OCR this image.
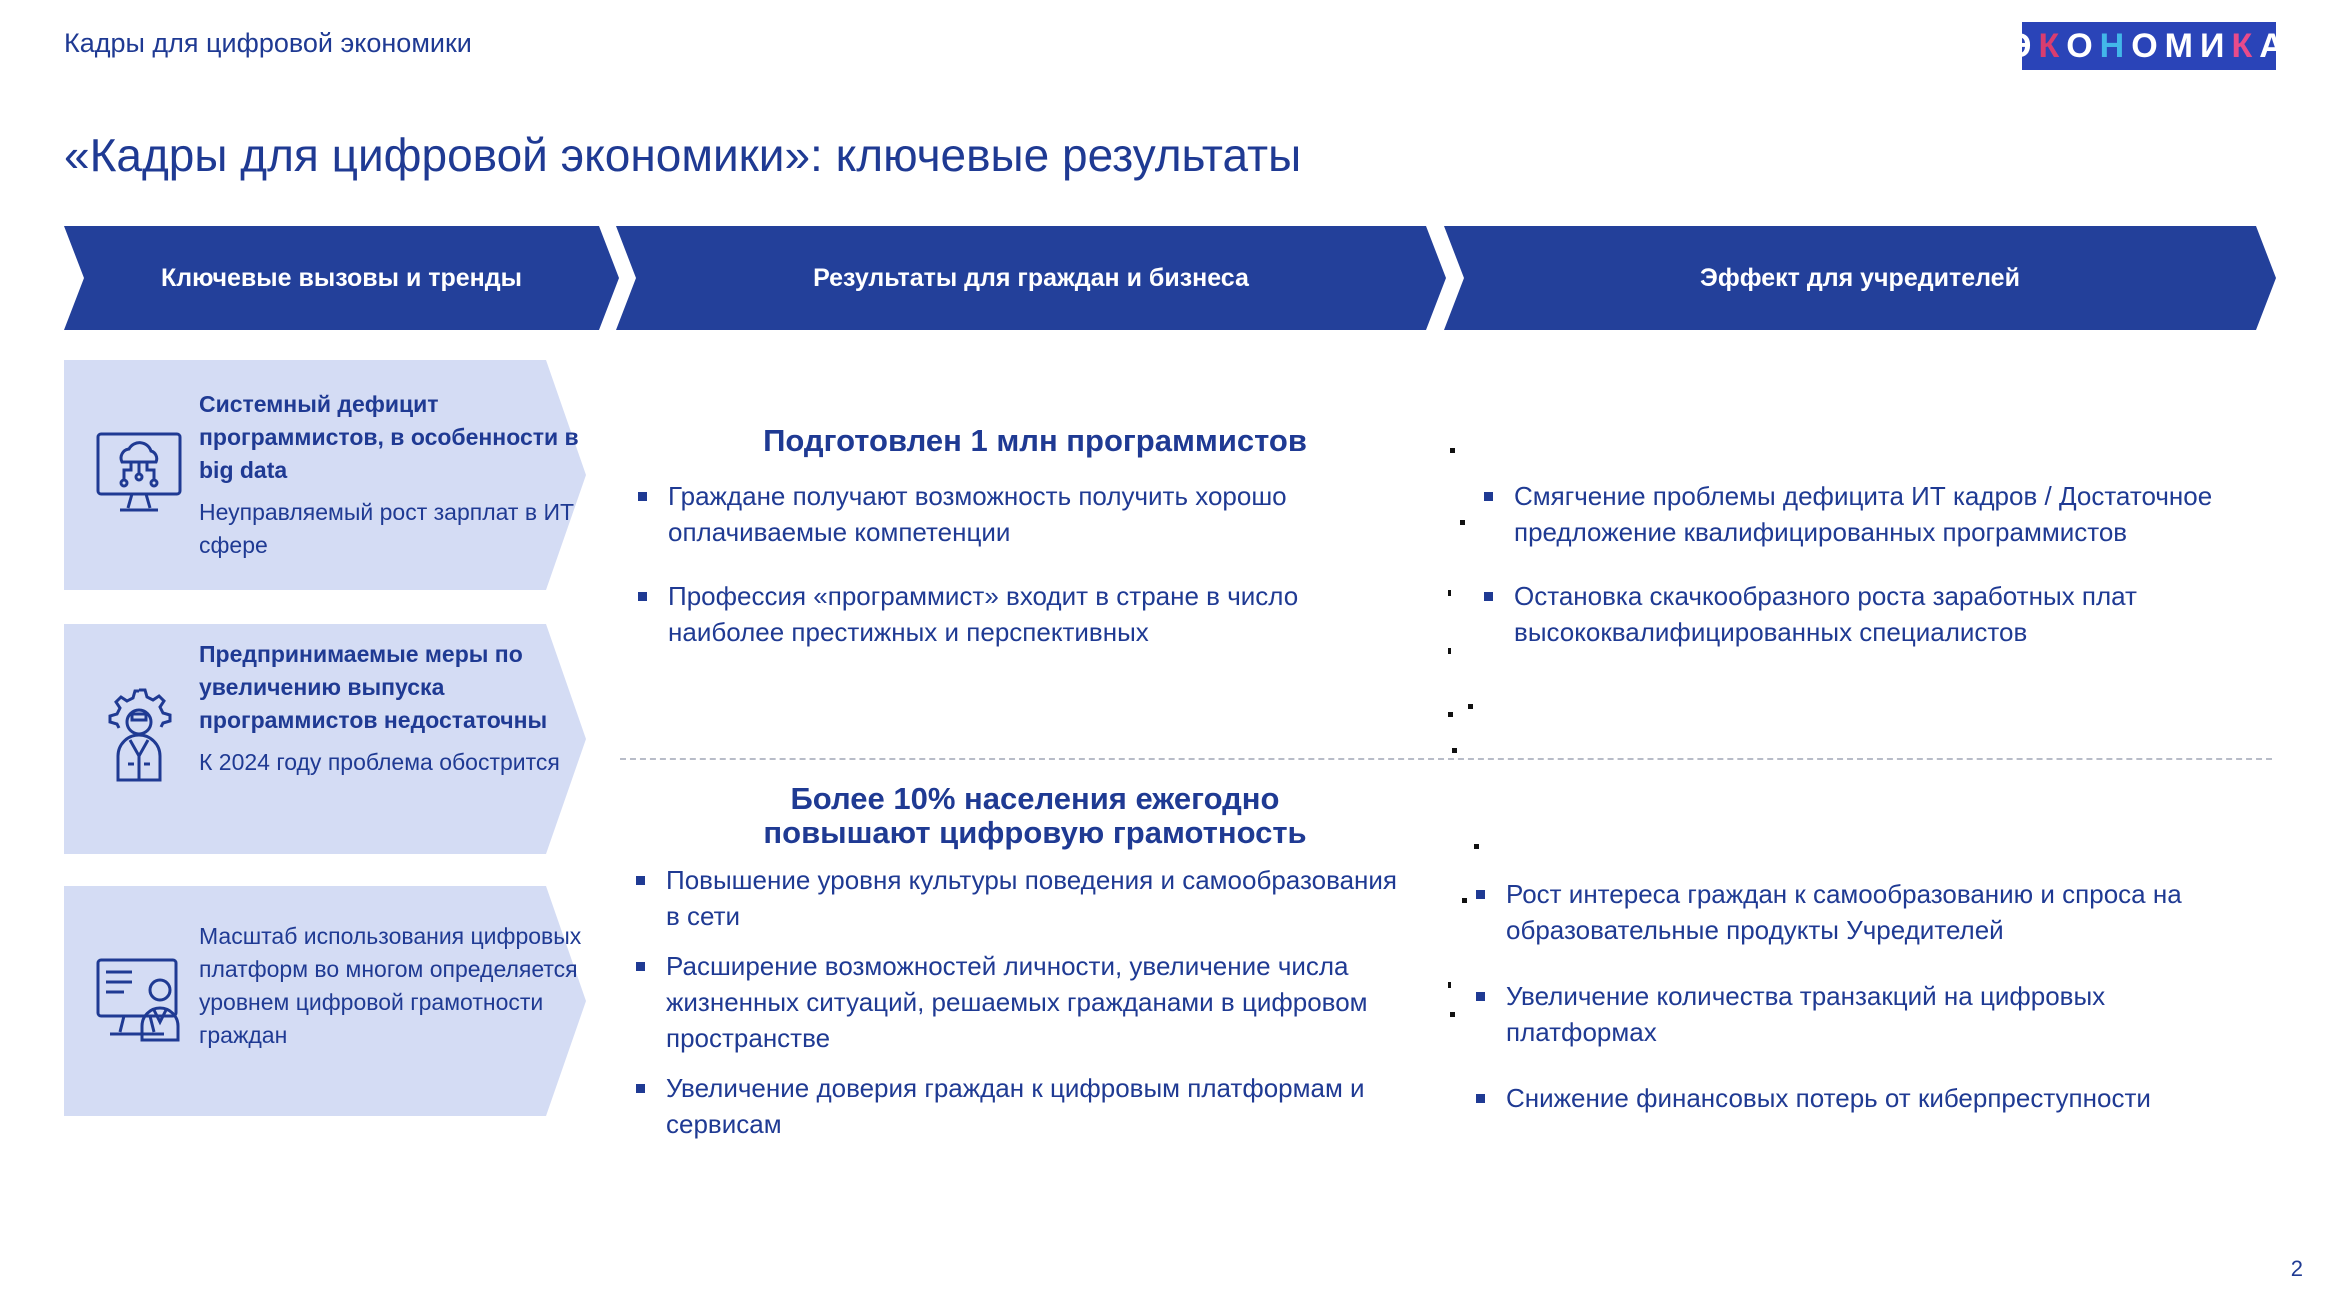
Кадры для цифровой экономики	Э К О Н ОМИ К А
«Кадры для цифровой экономики»: ключевые результаты
Ключевые вызовы и тренды	Результаты для граждан и бизнеса	Эффект для учредителей
Системный дефицит программистов, в особенности в big data
Неуправляемый рост зарплат в ИТ сфере
Предпринимаемые меры по увеличению выпуска программистов недостаточны
К 2024 году проблема обострится
Масштаб использования цифровых платформ во многом определяется уровнем цифровой грамотности граждан
Подготовлен 1 млн программистов
Граждане получают возможность получить хорошо оплачиваемые компетенции
Профессия «программист» входит в стране в число наиболее престижных и перспективных
Более 10% населения ежегодно повышают цифровую грамотность
Повышение уровня культуры поведения и самообразования в сети
Расширение возможностей личности, увеличение числа жизненных ситуаций, решаемых гражданами в цифровом пространстве
Увеличение доверия граждан к цифровым платформам и сервисам
Смягчение проблемы дефицита ИТ кадров / Достаточное предложение квалифицированных программистов
Остановка скачкообразного роста заработных плат высококвалифицированных специалистов
Рост интереса граждан к самообразованию и спроса на образовательные продукты Учредителей
Увеличение количества транзакций на цифровых платформах
Снижение финансовых потерь от киберпреступности
2
